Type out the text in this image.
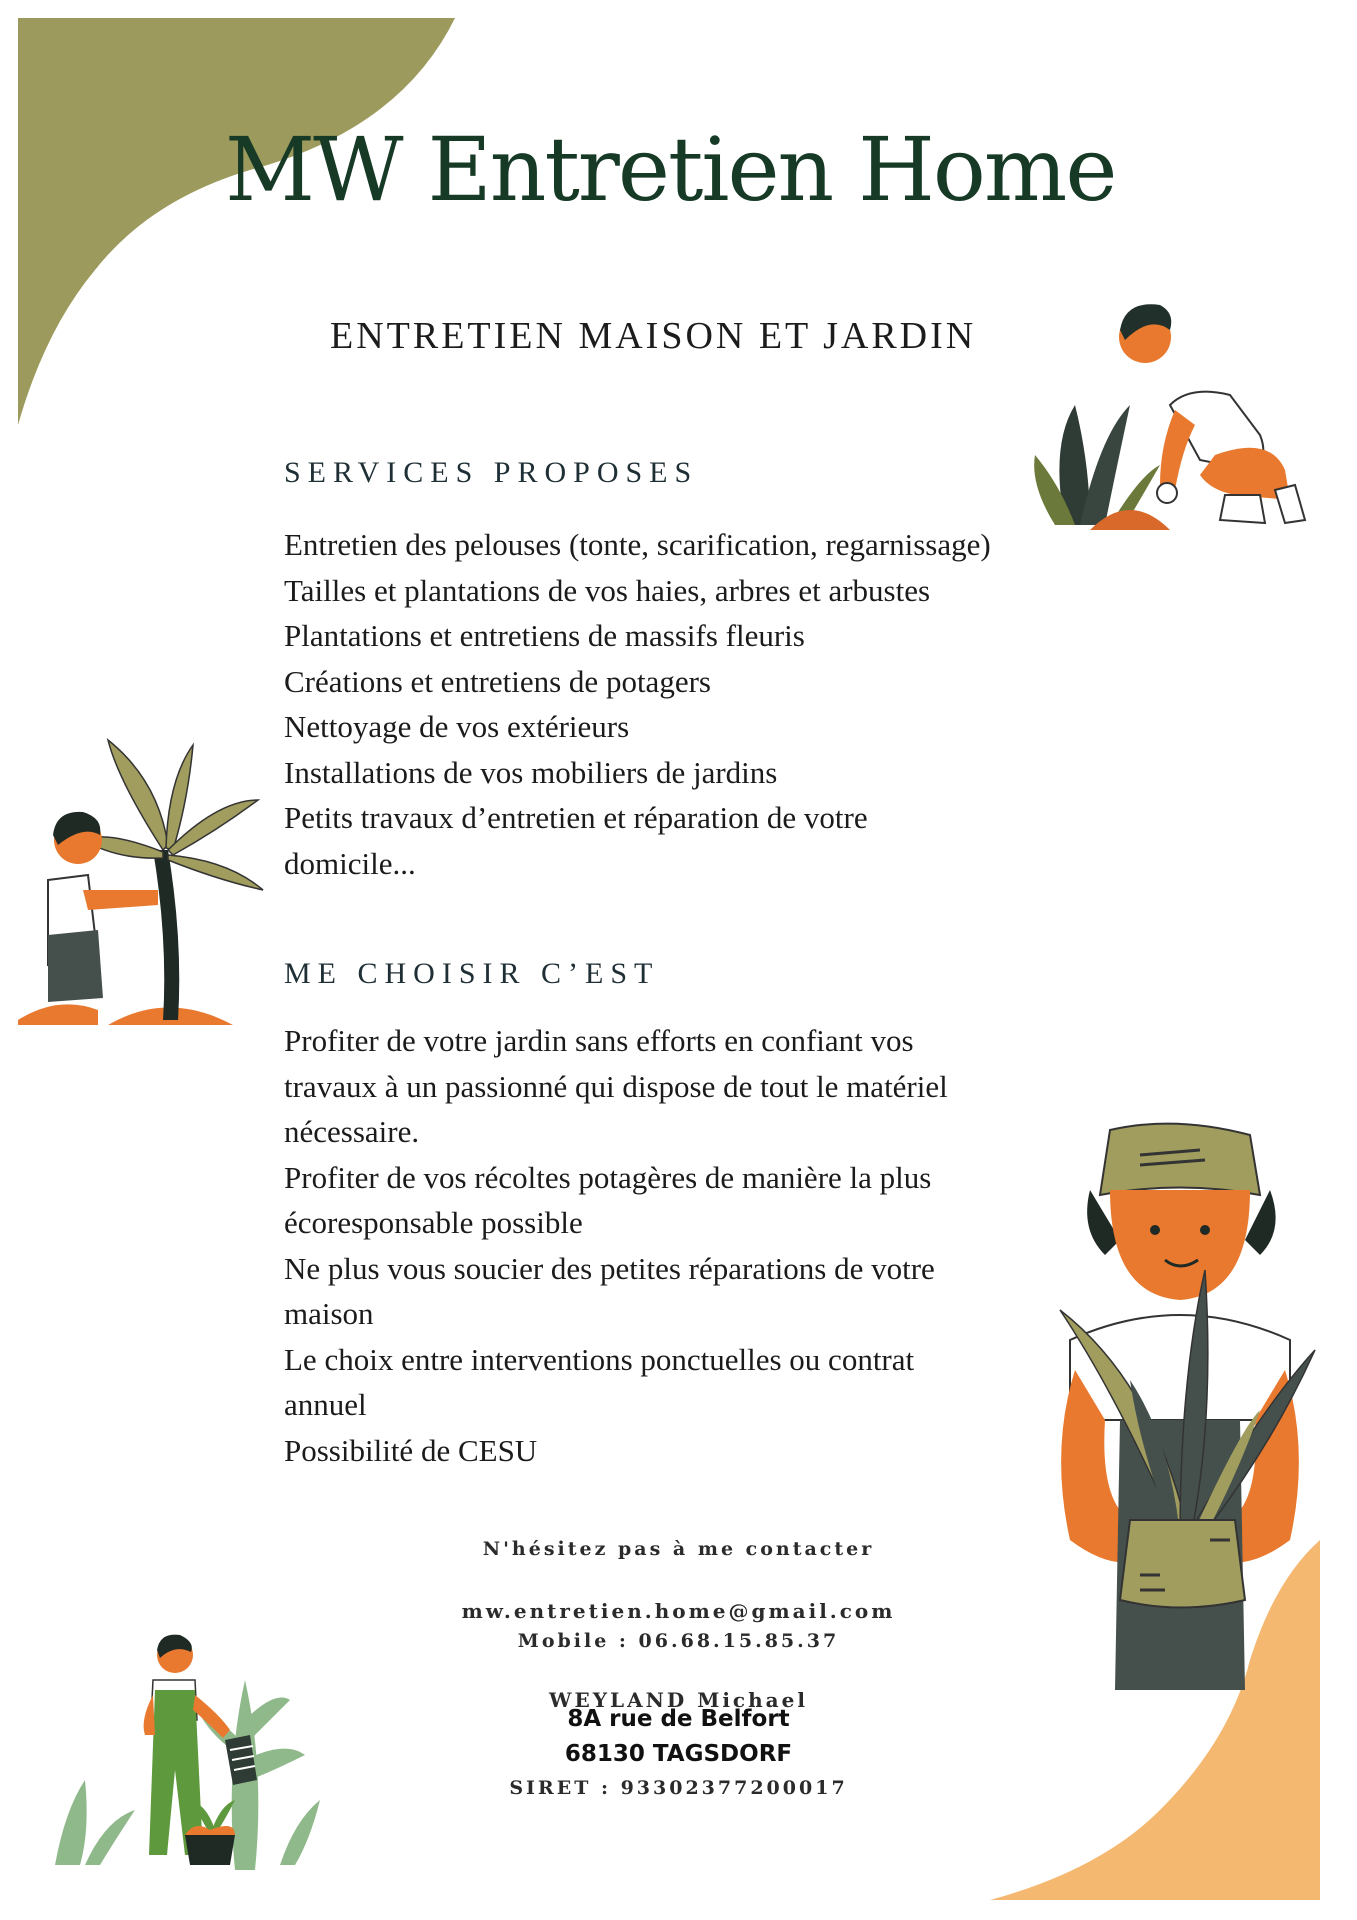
MW Entretien Home
ENTRETIEN MAISON ET JARDIN
SERVICES PROPOSES
Entretien des pelouses (tonte, scarification, regarnissage)
Tailles et plantations de vos haies, arbres et arbustes
Plantations et entretiens de massifs fleuris
Créations et entretiens de potagers
Nettoyage de vos extérieurs
Installations de vos mobiliers de jardins
Petits travaux d’entretien et réparation de votre
domicile...
ME CHOISIR C’EST
Profiter de votre jardin sans efforts en confiant vos
travaux à un passionné qui dispose de tout le matériel
nécessaire.
Profiter de vos récoltes potagères de manière la plus
écoresponsable possible
Ne plus vous soucier des petites réparations de votre
maison
Le choix entre interventions ponctuelles ou contrat
annuel
Possibilité de CESU
N'hésitez pas à me contacter
mw.entretien.home@gmail.com
Mobile : 06.68.15.85.37
WEYLAND Michael
8A rue de Belfort
68130 TAGSDORF
SIRET : 93302377200017
